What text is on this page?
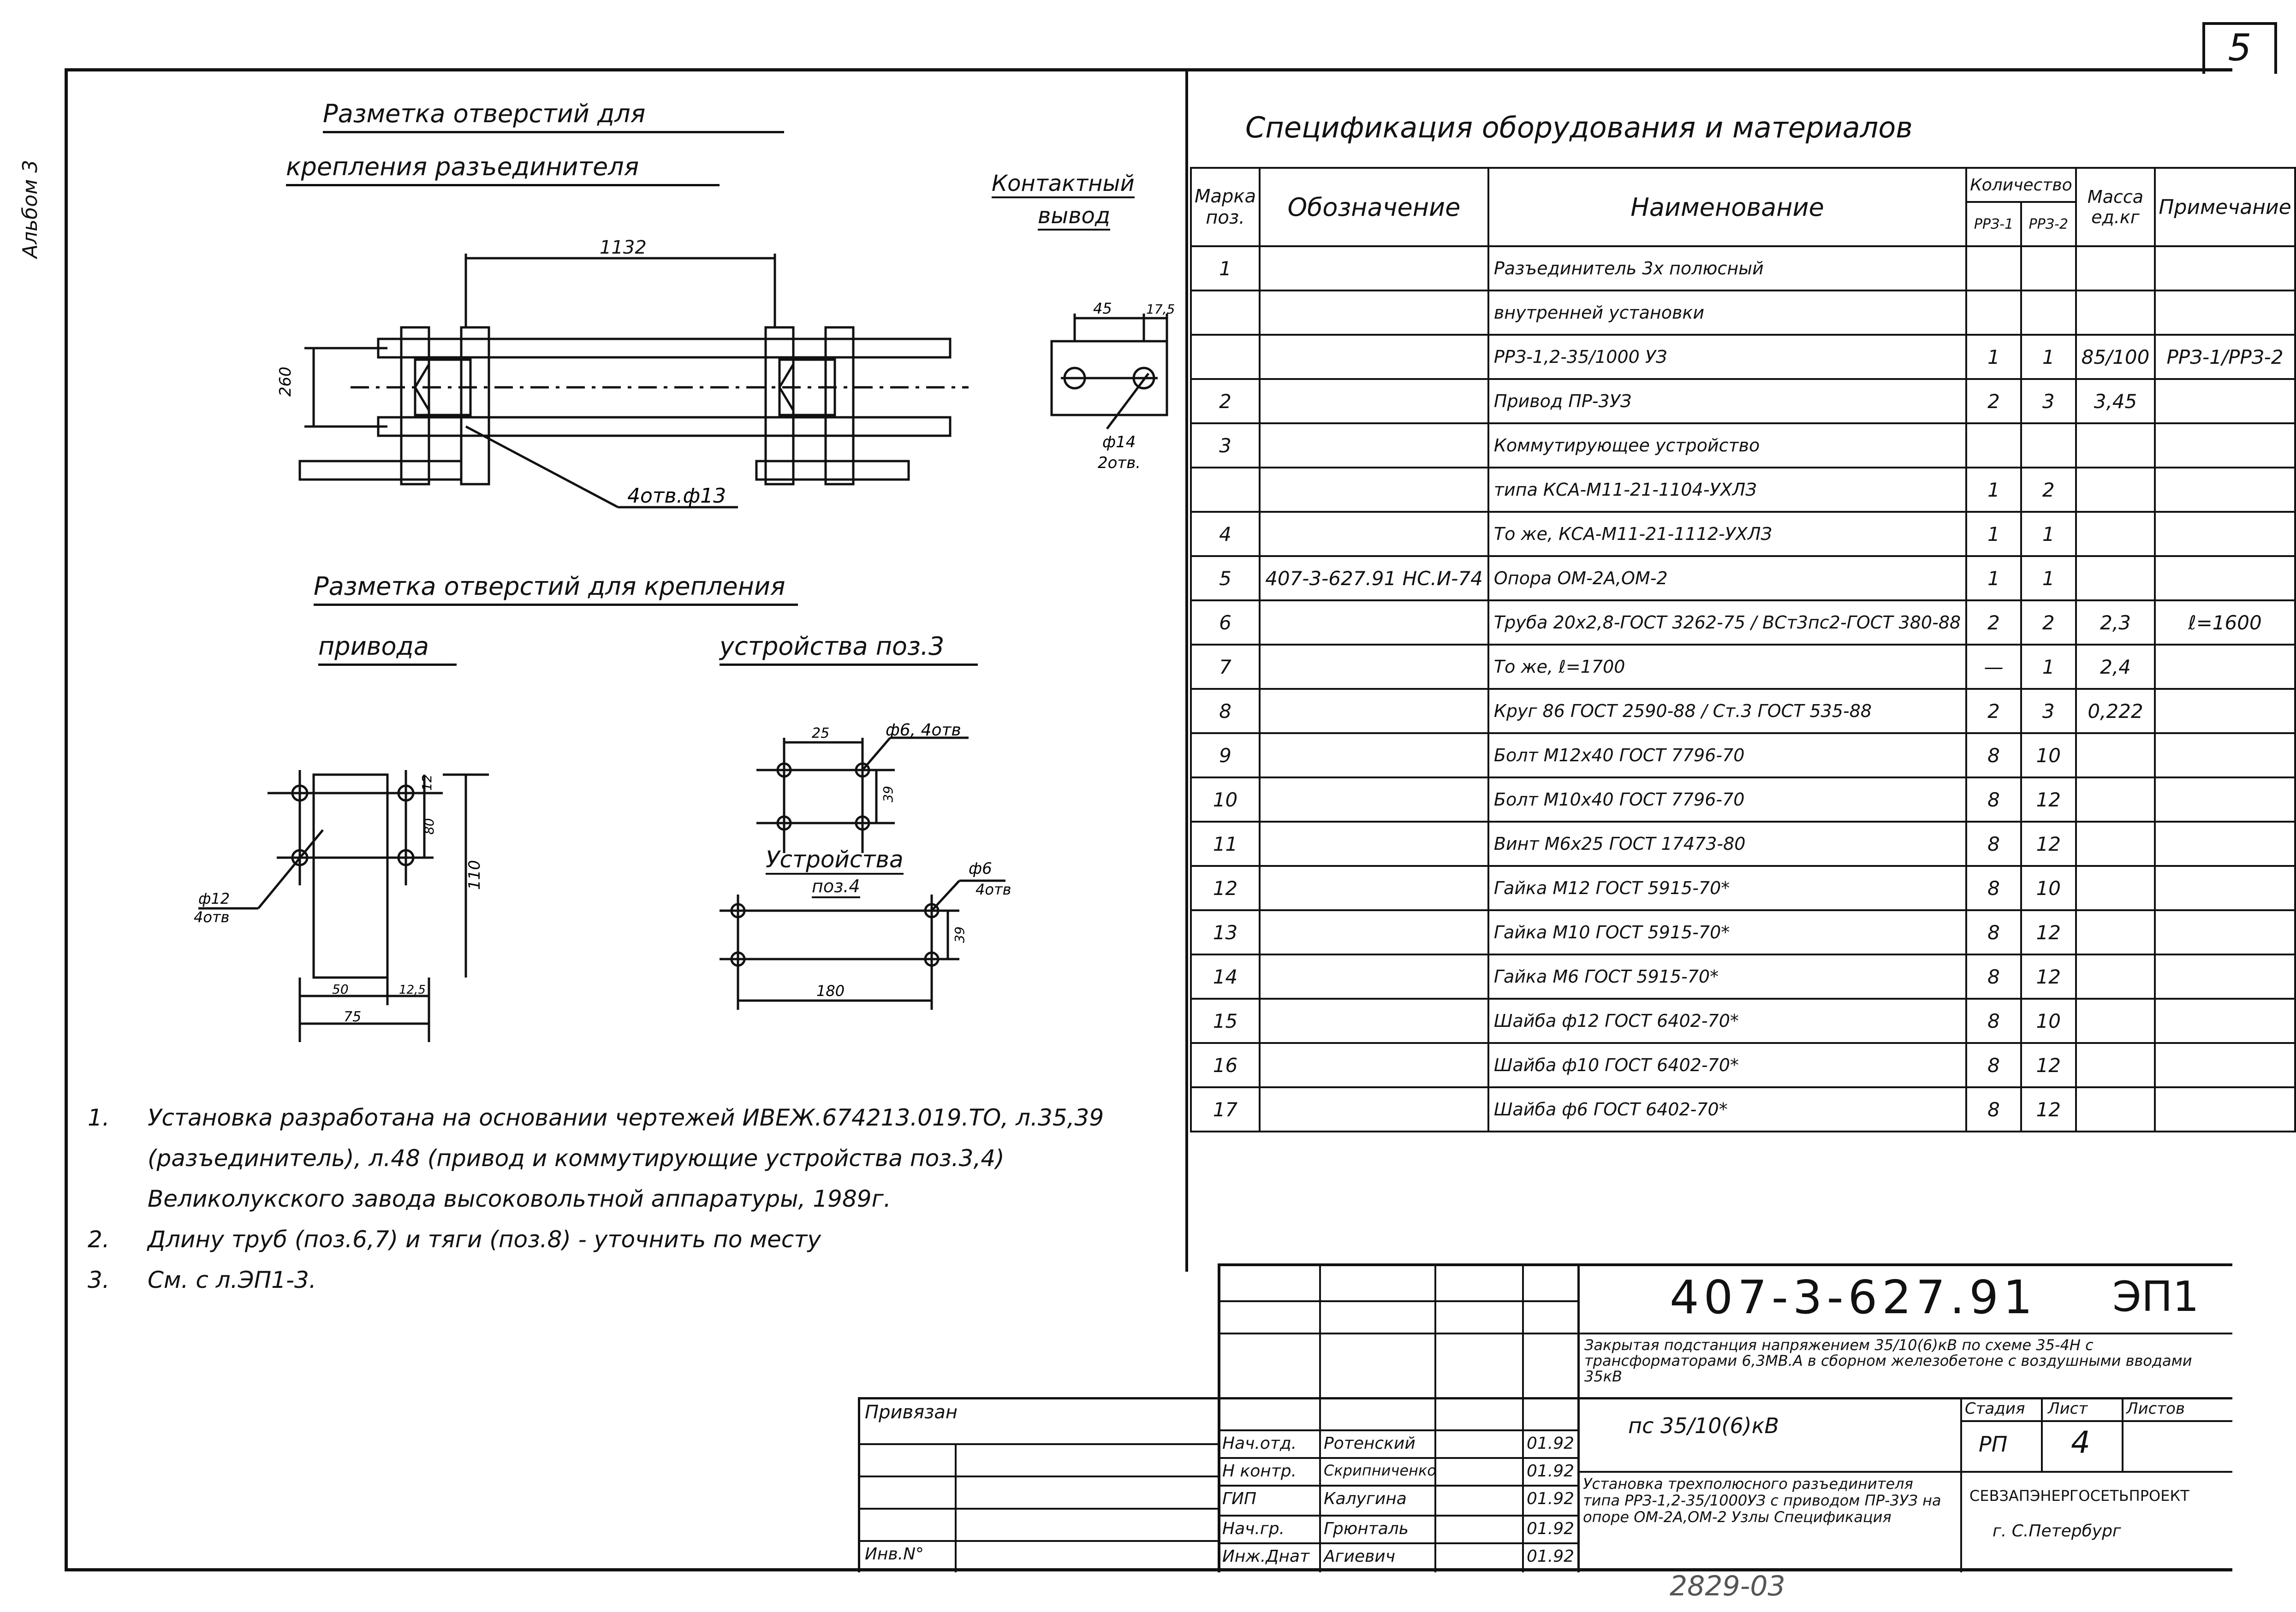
5
Альбом 3
Разметка отверстий для
крепления разъединителя
1132
260
4отв.ф13
Контактный
вывод
45	17,5
ф14
2отв.
Разметка отверстий для крепления
привода	устройства поз.3
12
80
110
50	12,5
75
ф12
4отв
25	ф6, 4отв
39
Устройства
поз.4
ф6
4отв
39
180
Спецификация оборудования и материалов
Марка поз.	Обозначение	Наименование	Количество		Масса ед.кг	Примечание
			РРЗ-1	РРЗ-2		
1		Разъединитель 3х полюсный				
		внутренней установки				
		РРЗ-1,2-35/1000 УЗ	1	1	85/100	РРЗ-1/РРЗ-2
2		Привод ПР-3УЗ	2	3	3,45	
3		Коммутирующее устройство				
		типа КСА-М11-21-1104-УХЛЗ	1	2		
4		То же, КСА-М11-21-1112-УХЛЗ	1	1		
5	407-3-627.91 НС.И-74	Опора ОМ-2А,ОМ-2	1	1		
6		Труба 20х2,8-ГОСТ 3262-75 / ВСт3пс2-ГОСТ 380-88	2	2	2,3	ℓ=1600
7		То же, ℓ=1700	—	1	2,4	
8		Круг 86 ГОСТ 2590-88 / Ст.3 ГОСТ 535-88	2	3	0,222	
9		Болт М12х40 ГОСТ 7796-70	8	10		
10		Болт М10х40 ГОСТ 7796-70	8	12		
11		Винт М6х25 ГОСТ 17473-80	8	12		
12		Гайка М12 ГОСТ 5915-70*	8	10		
13		Гайка М10 ГОСТ 5915-70*	8	12		
14		Гайка М6 ГОСТ 5915-70*	8	12		
15		Шайба ф12 ГОСТ 6402-70*	8	10		
16		Шайба ф10 ГОСТ 6402-70*	8	12		
17		Шайба ф6 ГОСТ 6402-70*	8	12		
1. Установка разработана на основании чертежей ИВЕЖ.674213.019.ТО, л.35,39 (разъединитель), л.48 (привод и коммутирующие устройства поз.3,4) Великолукского завода высоковольтной аппаратуры, 1989г.
2. Длину труб (поз.6,7) и тяги (поз.8) - уточнить по месту
3. См. с л.ЭП1-3.	407-3-627.91 ЭП1
Закрытая подстанция напряжением 35/10(6)кВ по схеме 35-4Н с трансформаторами 6,3МВ.А в сборном железобетоне с воздушными вводами 35кВ
пс 35/10(6)кВ
Стадия Лист Листов
РП 4
Установка трехполюсного разъединителя типа РРЗ-1,2-35/1000УЗ с приводом ПР-3УЗ на опоре ОМ-2А,ОМ-2 Узлы Спецификация
СЕВЗАПЭНЕРГОСЕТЬПРОЕКТ
г. С.Петербург
Привязан
Инв.N°
Нач.отд. Ротенский	01.92
Н контр. Скрипниченко	01.92
ГИП	Калугина	01.92
Нач.гр. Грюнталь	01.92
Инж.Днат Агиевич	01.92
2829-03
